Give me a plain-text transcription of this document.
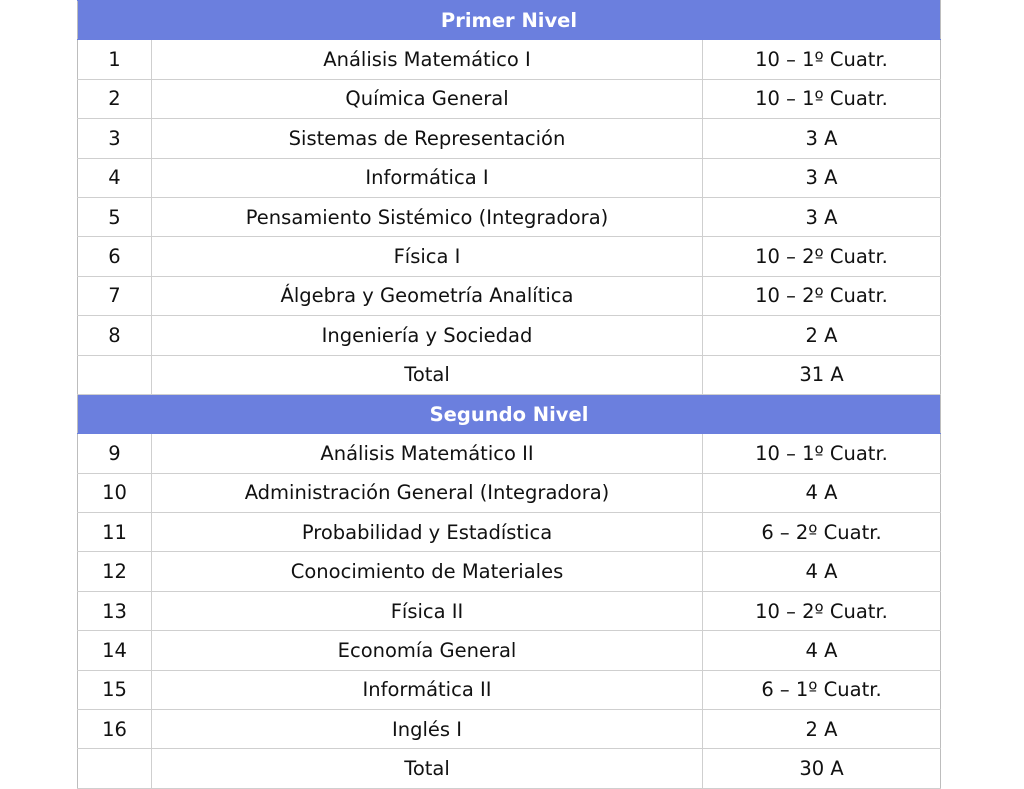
Primer Nivel		
1	Análisis Matemático I	10 – 1º Cuatr.
2	Química General	10 – 1º Cuatr.
3	Sistemas de Representación	3 A
4	Informática I	3 A
5	Pensamiento Sistémico (Integradora)	3 A
6	Física I	10 – 2º Cuatr.
7	Álgebra y Geometría Analítica	10 – 2º Cuatr.
8	Ingeniería y Sociedad	2 A
	Total	31 A
Segundo Nivel		
9	Análisis Matemático II	10 – 1º Cuatr.
10	Administración General (Integradora)	4 A
11	Probabilidad y Estadística	6 – 2º Cuatr.
12	Conocimiento de Materiales	4 A
13	Física II	10 – 2º Cuatr.
14	Economía General	4 A
15	Informática II	6 – 1º Cuatr.
16	Inglés I	2 A
	Total	30 A
